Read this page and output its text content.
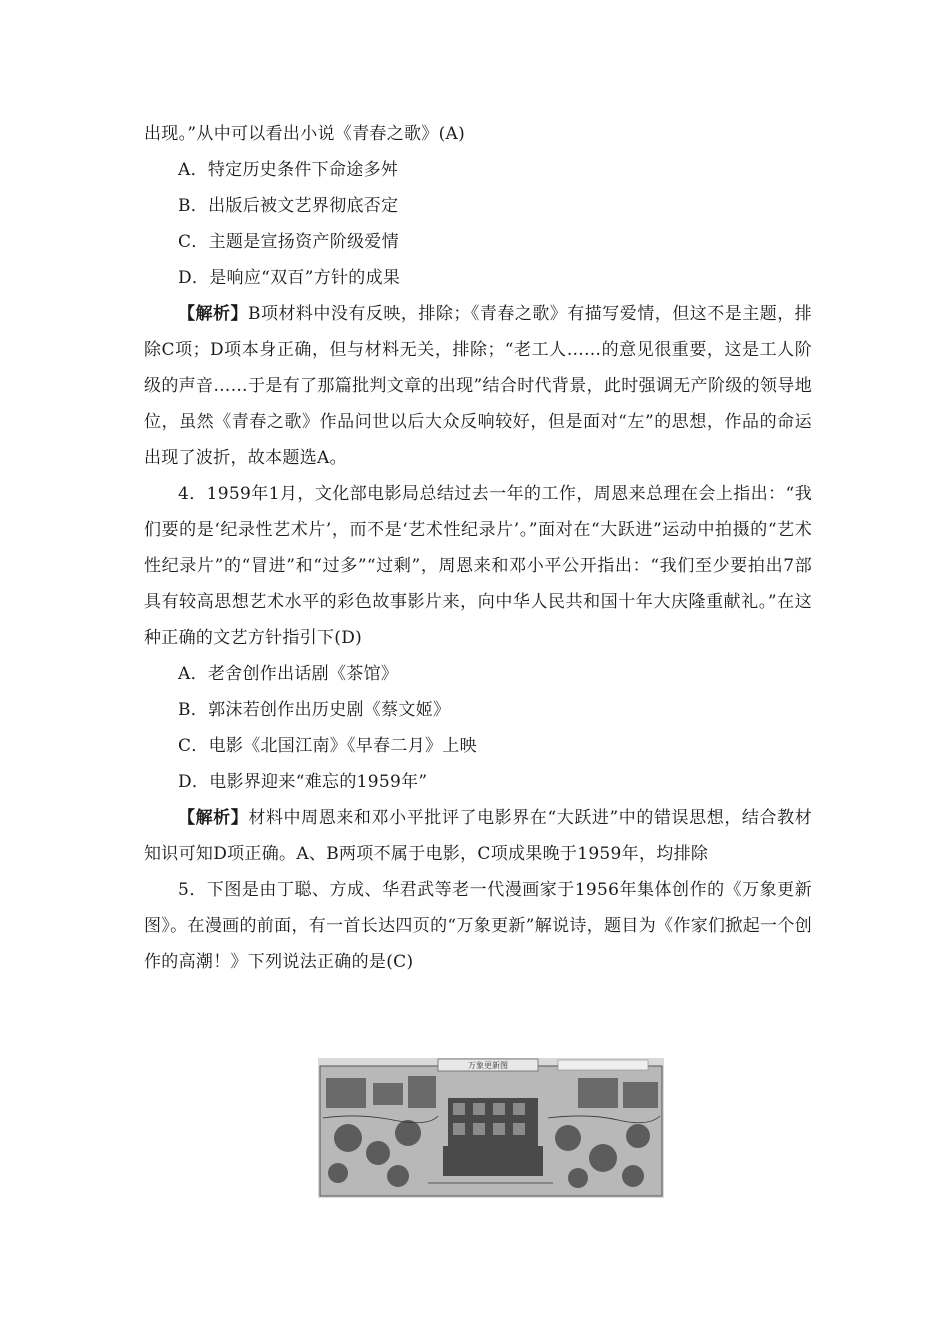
出现。”从中可以看出小说《青春之歌》(A)

A．特定历史条件下命途多舛

B．出版后被文艺界彻底否定

C．主题是宣扬资产阶级爱情

D．是响应“双百”方针的成果

【解析】B项材料中没有反映，排除；《青春之歌》有描写爱情，但这不是主题，排除C项；D项本身正确，但与材料无关，排除；“老工人……的意见很重要，这是工人阶级的声音……于是有了那篇批判文章的出现”结合时代背景，此时强调无产阶级的领导地位，虽然《青春之歌》作品问世以后大众反响较好，但是面对“左”的思想，作品的命运出现了波折，故本题选A。

4．1959年1月，文化部电影局总结过去一年的工作，周恩来总理在会上指出：“我们要的是‘纪录性艺术片’，而不是‘艺术性纪录片’。”面对在“大跃进”运动中拍摄的“艺术性纪录片”的“冒进”和“过多”“过剩”，周恩来和邓小平公开指出：“我们至少要拍出7部具有较高思想艺术水平的彩色故事影片来，向中华人民共和国十年大庆隆重献礼。”在这种正确的文艺方针指引下(D)

A．老舍创作出话剧《茶馆》

B．郭沫若创作出历史剧《蔡文姬》

C．电影《北国江南》《早春二月》上映

D．电影界迎来“难忘的1959年”

【解析】材料中周恩来和邓小平批评了电影界在“大跃进”中的错误思想，结合教材知识可知D项正确。A、B两项不属于电影，C项成果晚于1959年，均排除

5．下图是由丁聪、方成、华君武等老一代漫画家于1956年集体创作的《万象更新图》。在漫画的前面，有一首长达四页的“万象更新”解说诗，题目为《作家们掀起一个创作的高潮！》下列说法正确的是(C)

万象更新图
